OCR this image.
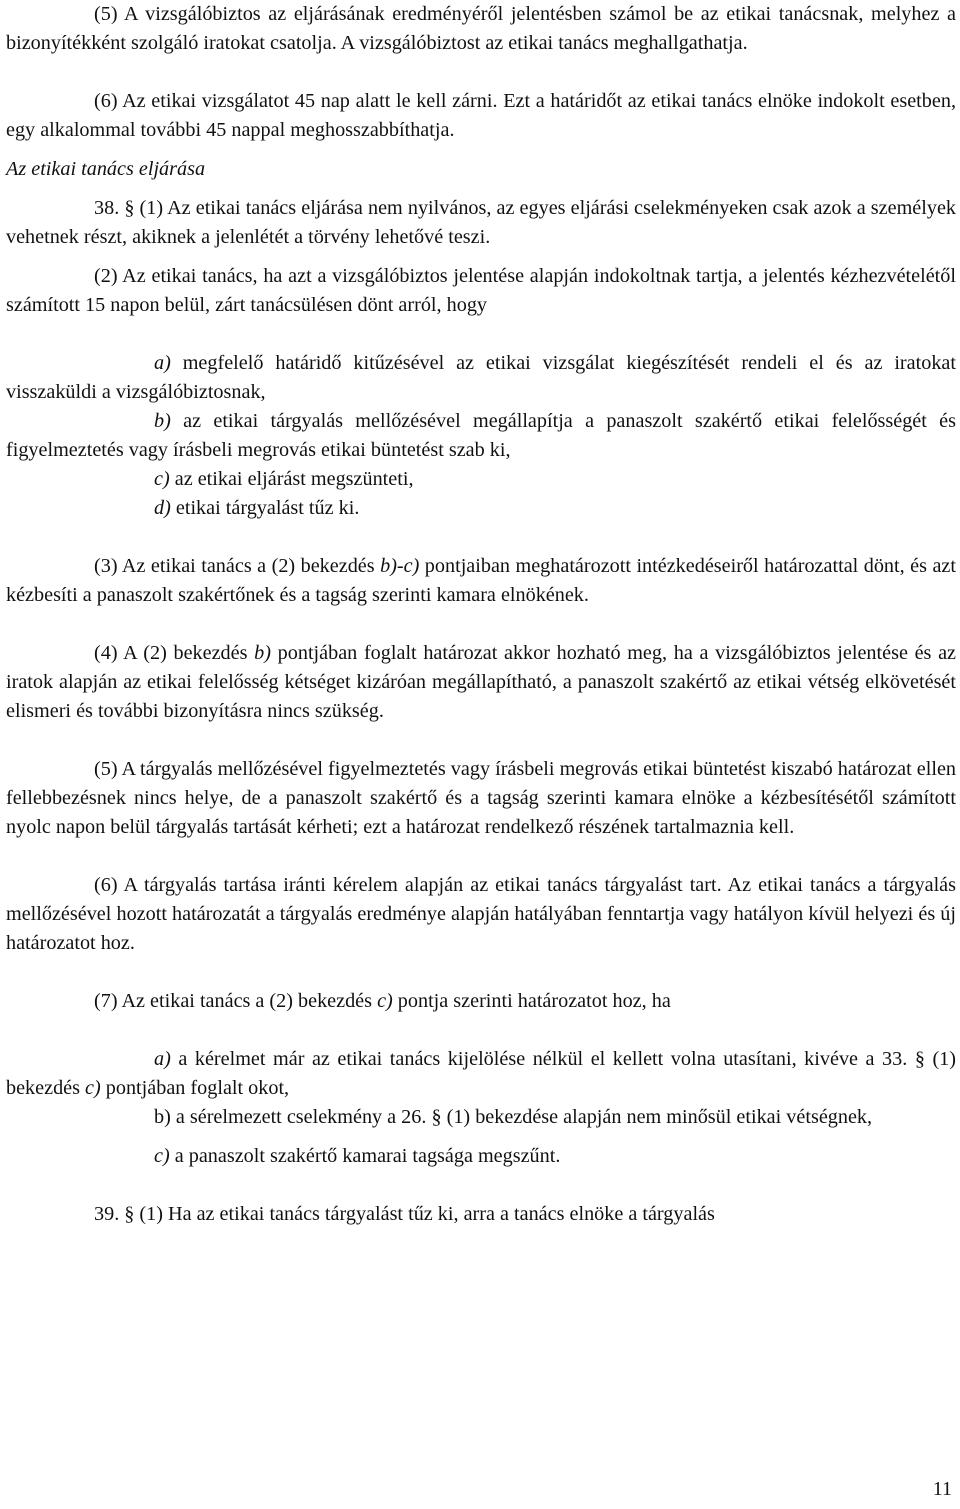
(5) A vizsgálóbiztos az eljárásának eredményéről jelentésben számol be az etikai tanácsnak, melyhez a bizonyítékként szolgáló iratokat csatolja. A vizsgálóbiztost az etikai tanács meghallgathatja.

(6) Az etikai vizsgálatot 45 nap alatt le kell zárni. Ezt a határidőt az etikai tanács elnöke indokolt esetben, egy alkalommal további 45 nappal meghosszabbíthatja.

Az etikai tanács eljárása

38. § (1) Az etikai tanács eljárása nem nyilvános, az egyes eljárási cselekményeken csak azok a személyek vehetnek részt, akiknek a jelenlétét a törvény lehetővé teszi.

(2) Az etikai tanács, ha azt a vizsgálóbiztos jelentése alapján indokoltnak tartja, a jelentés kézhezvételétől számított 15 napon belül, zárt tanácsülésen dönt arról, hogy

a) megfelelő határidő kitűzésével az etikai vizsgálat kiegészítését rendeli el és az iratokat visszaküldi a vizsgálóbiztosnak,

b) az etikai tárgyalás mellőzésével megállapítja a panaszolt szakértő etikai felelősségét és figyelmeztetés vagy írásbeli megrovás etikai büntetést szab ki,

c) az etikai eljárást megszünteti,

d) etikai tárgyalást tűz ki.

(3) Az etikai tanács a (2) bekezdés b)-c) pontjaiban meghatározott intézkedéseiről határozattal dönt, és azt kézbesíti a panaszolt szakértőnek és a tagság szerinti kamara elnökének.

(4) A (2) bekezdés b) pontjában foglalt határozat akkor hozható meg, ha a vizsgálóbiztos jelentése és az iratok alapján az etikai felelősség kétséget kizáróan megállapítható, a panaszolt szakértő az etikai vétség elkövetését elismeri és további bizonyításra nincs szükség.

(5) A tárgyalás mellőzésével figyelmeztetés vagy írásbeli megrovás etikai büntetést kiszabó határozat ellen fellebbezésnek nincs helye, de a panaszolt szakértő és a tagság szerinti kamara elnöke a kézbesítésétől számított nyolc napon belül tárgyalás tartását kérheti; ezt a határozat rendelkező részének tartalmaznia kell.

(6) A tárgyalás tartása iránti kérelem alapján az etikai tanács tárgyalást tart. Az etikai tanács a tárgyalás mellőzésével hozott határozatát a tárgyalás eredménye alapján hatályában fenntartja vagy hatályon kívül helyezi és új határozatot hoz.

(7) Az etikai tanács a (2) bekezdés c) pontja szerinti határozatot hoz, ha

a) a kérelmet már az etikai tanács kijelölése nélkül el kellett volna utasítani, kivéve a 33. § (1) bekezdés c) pontjában foglalt okot,

b) a sérelmezett cselekmény a 26. § (1) bekezdése alapján nem minősül etikai vétségnek,

c) a panaszolt szakértő kamarai tagsága megszűnt.

39. § (1) Ha az etikai tanács tárgyalást tűz ki, arra a tanács elnöke a tárgyalás

11
